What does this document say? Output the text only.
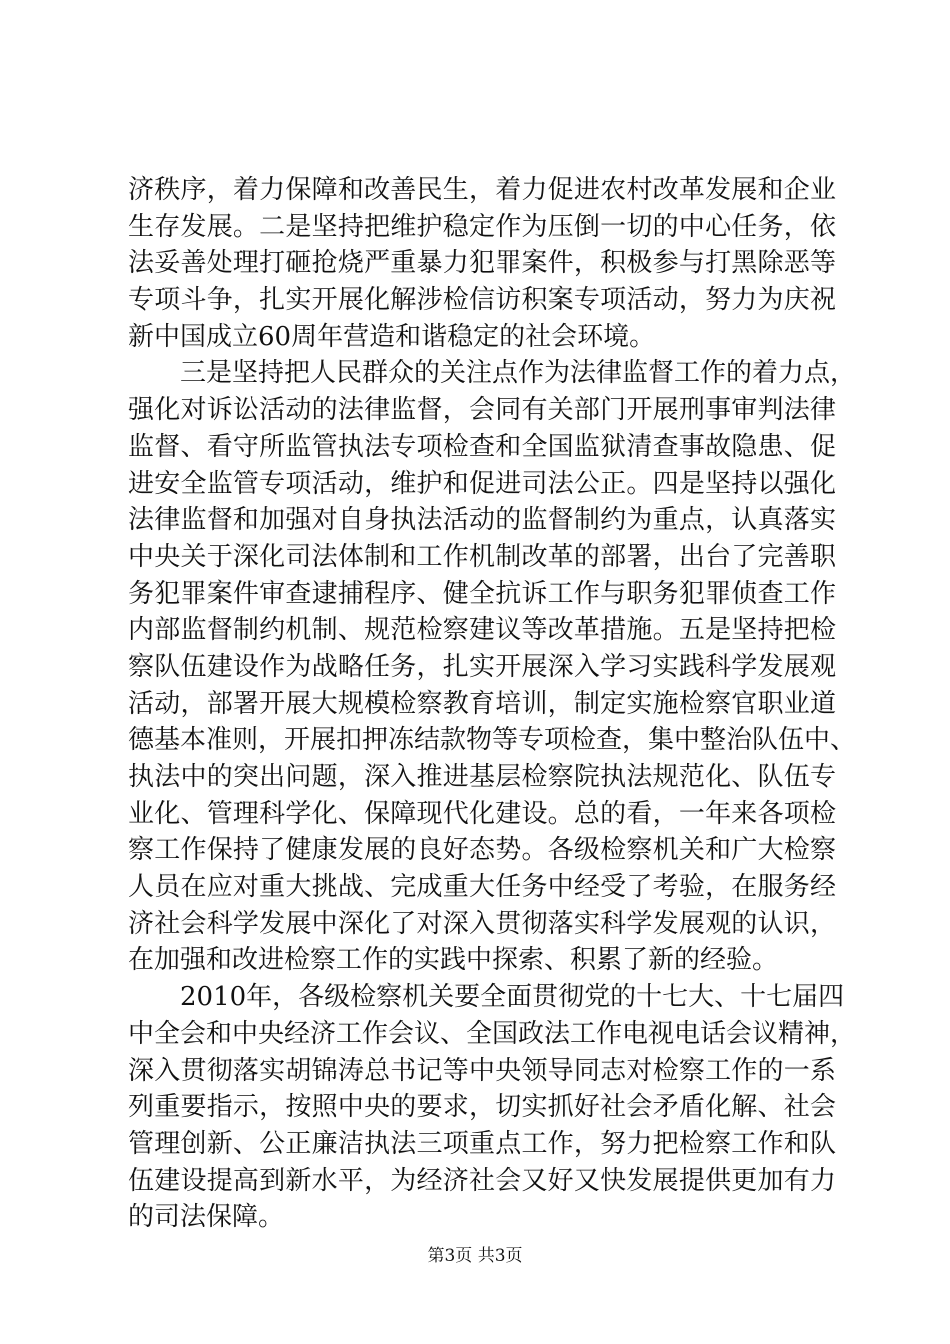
济秩序，着力保障和改善民生，着力促进农村改革发展和企业
生存发展。二是坚持把维护稳定作为压倒一切的中心任务，依
法妥善处理打砸抢烧严重暴力犯罪案件，积极参与打黑除恶等
专项斗争，扎实开展化解涉检信访积案专项活动，努力为庆祝
新中国成立60周年营造和谐稳定的社会环境。
　　三是坚持把人民群众的关注点作为法律监督工作的着力点，
强化对诉讼活动的法律监督，会同有关部门开展刑事审判法律
监督、看守所监管执法专项检查和全国监狱清查事故隐患、促
进安全监管专项活动，维护和促进司法公正。四是坚持以强化
法律监督和加强对自身执法活动的监督制约为重点，认真落实
中央关于深化司法体制和工作机制改革的部署，出台了完善职
务犯罪案件审查逮捕程序、健全抗诉工作与职务犯罪侦查工作
内部监督制约机制、规范检察建议等改革措施。五是坚持把检
察队伍建设作为战略任务，扎实开展深入学习实践科学发展观
活动，部署开展大规模检察教育培训，制定实施检察官职业道
德基本准则，开展扣押冻结款物等专项检查，集中整治队伍中、
执法中的突出问题，深入推进基层检察院执法规范化、队伍专
业化、管理科学化、保障现代化建设。总的看，一年来各项检
察工作保持了健康发展的良好态势。各级检察机关和广大检察
人员在应对重大挑战、完成重大任务中经受了考验，在服务经
济社会科学发展中深化了对深入贯彻落实科学发展观的认识，
在加强和改进检察工作的实践中探索、积累了新的经验。
　　2010年，各级检察机关要全面贯彻党的十七大、十七届四
中全会和中央经济工作会议、全国政法工作电视电话会议精神，
深入贯彻落实胡锦涛总书记等中央领导同志对检察工作的一系
列重要指示，按照中央的要求，切实抓好社会矛盾化解、社会
管理创新、公正廉洁执法三项重点工作，努力把检察工作和队
伍建设提高到新水平，为经济社会又好又快发展提供更加有力
的司法保障。
第3页 共3页
